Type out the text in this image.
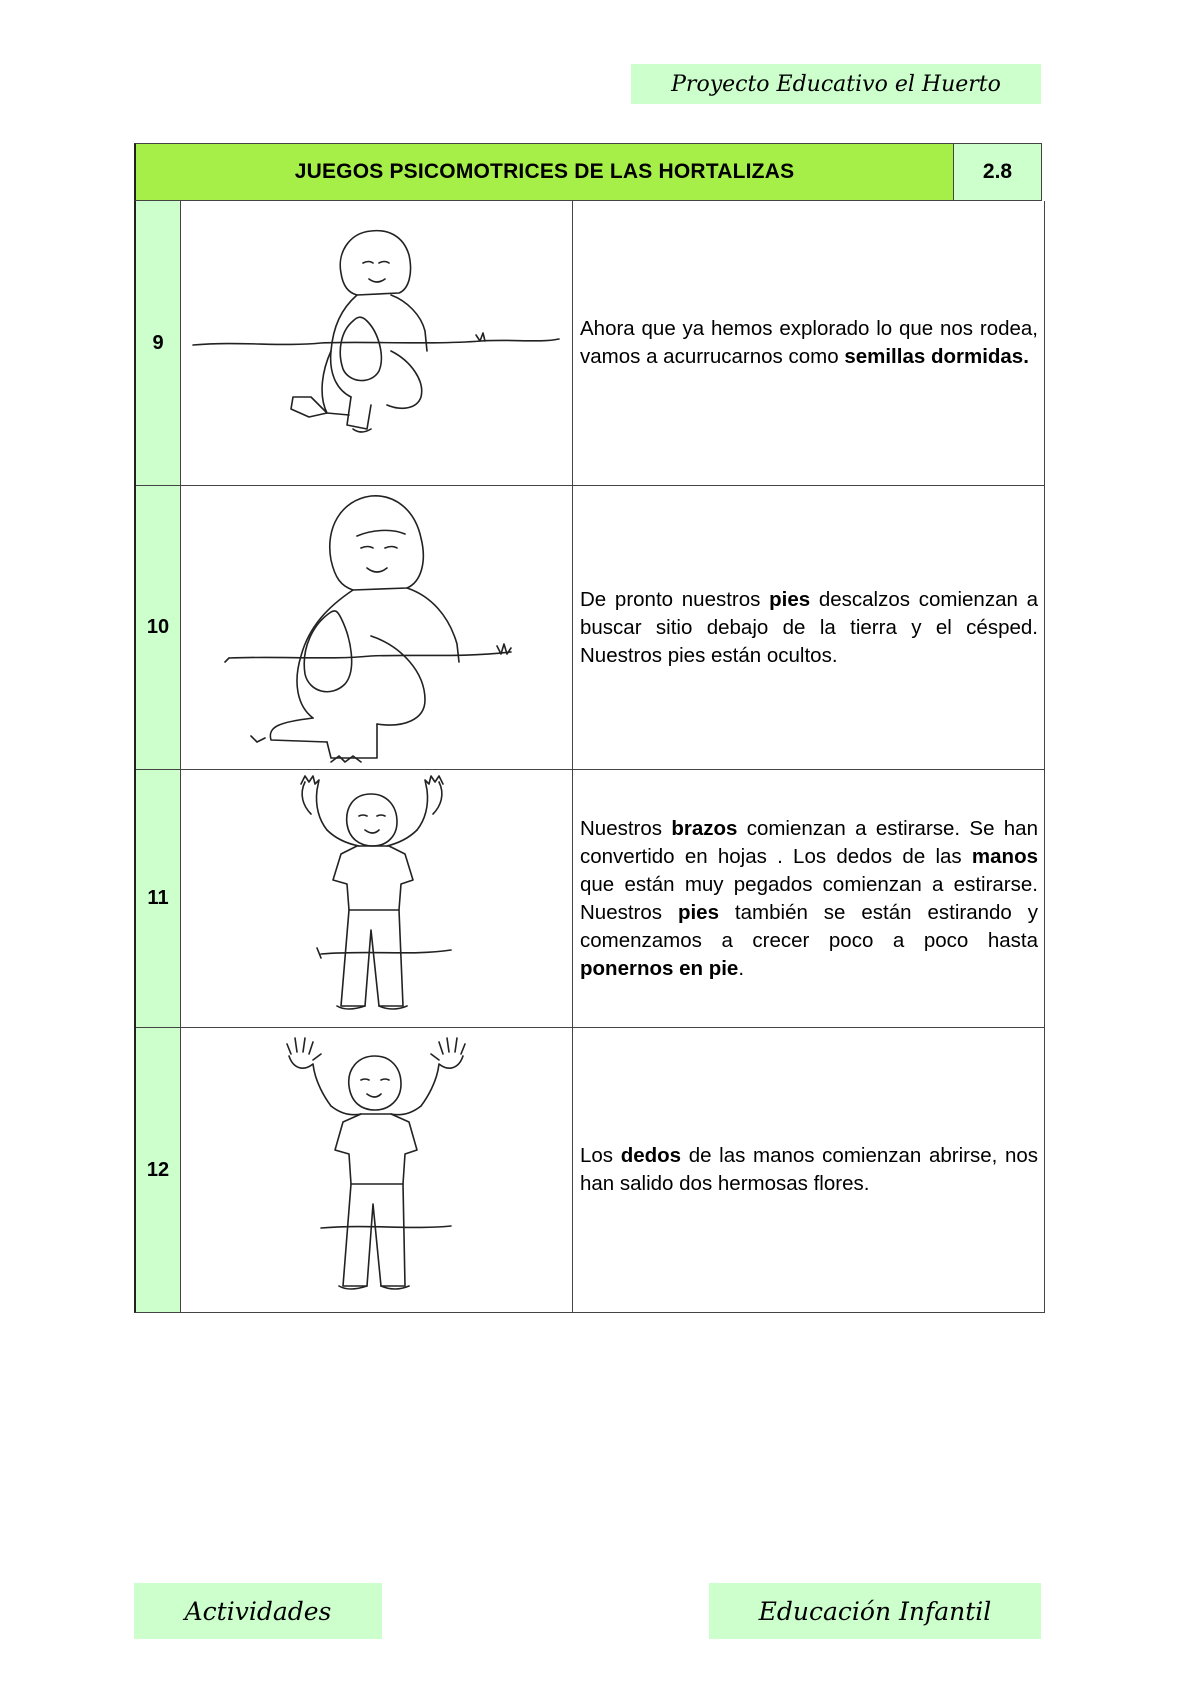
Proyecto Educativo el Huerto
JUEGOS PSICOMOTRICES DE LAS HORTALIZAS	2.8
9

Ahora que ya hemos explorado lo que nos rodea, vamos a acurrucarnos como semillas dormidas.

10

De pronto nuestros pies descalzos comienzan a buscar sitio debajo de la tierra y el césped. Nuestros pies están ocultos.

11

Nuestros brazos comienzan a estirarse. Se han convertido en hojas . Los dedos de las manos que están muy pegados comienzan a estirarse. Nuestros pies también se están estirando y comenzamos a crecer poco a poco hasta ponernos en pie.

12

Los dedos de las manos comienzan abrirse, nos han salido dos hermosas flores.

Actividades	Educación Infantil
